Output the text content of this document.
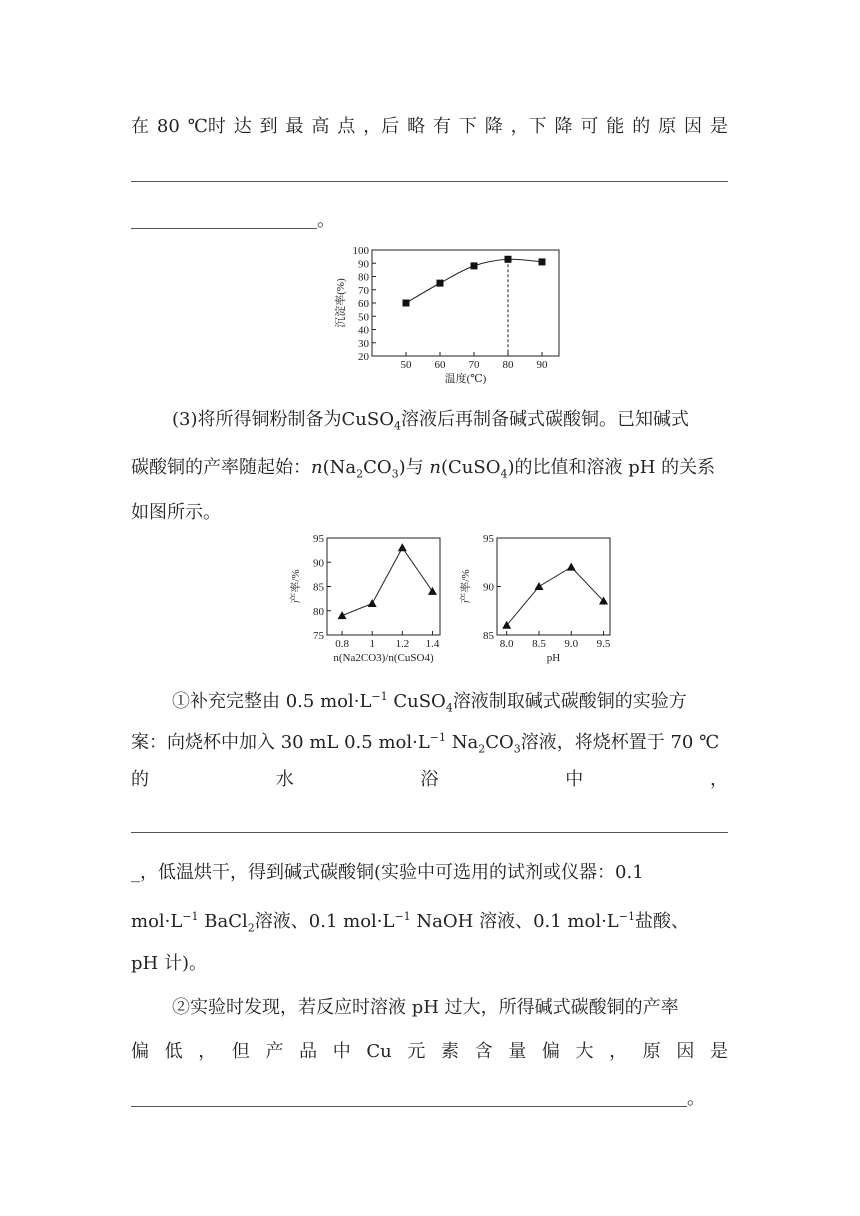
在 80 ℃时 达 到 最 高 点 ，后 略 有 下 降 ，下 降 可 能 的 原 因 是
。
20
30
40
50
60
70
80
90
100
50 60 70 80 90
温度(℃)
沉淀率(%)
(3)将所得铜粉制备为CuSO$_4$溶液后再制备碱式碳酸铜。已知碱式
碳酸铜的产率随起始：$n(Na_2CO_3)$与 n(CuSO$_4$)的比值和溶液 pH 的关系
如图所示。
75
80
85
90
95
0.8 1 1.2 1.4
n(Na2CO3)/n(CuSO4)
产率/%
85
90
95
8.0 8.5 9.0 9.5
pH
产率/%
①补充完整由 0.5 $mol\cdot L^{-1}$ CuSO$_4$溶液制取碱式碳酸铜的实验方
案：向烧杯中加入 30 mL 0.5 $mol\cdot L^{-1}$ $Na_2CO_3$溶液，将烧杯置于 70 ℃
的	水	浴	中	，
_，低温烘干，得到碱式碳酸铜(实验中可选用的试剂或仪器：0.1
$mol\cdot L^{-1}$ BaCl$_2$溶液、0.1 $mol\cdot L^{-1}$ NaOH 溶液、0.1 $mol\cdot L^{-1}$盐酸、
pH 计)。
②实验时发现，若反应时溶液 pH 过大，所得碱式碳酸铜的产率
偏 低 ， 但 产 品 中 Cu 元 素 含 量 偏 大 ， 原 因 是
。
